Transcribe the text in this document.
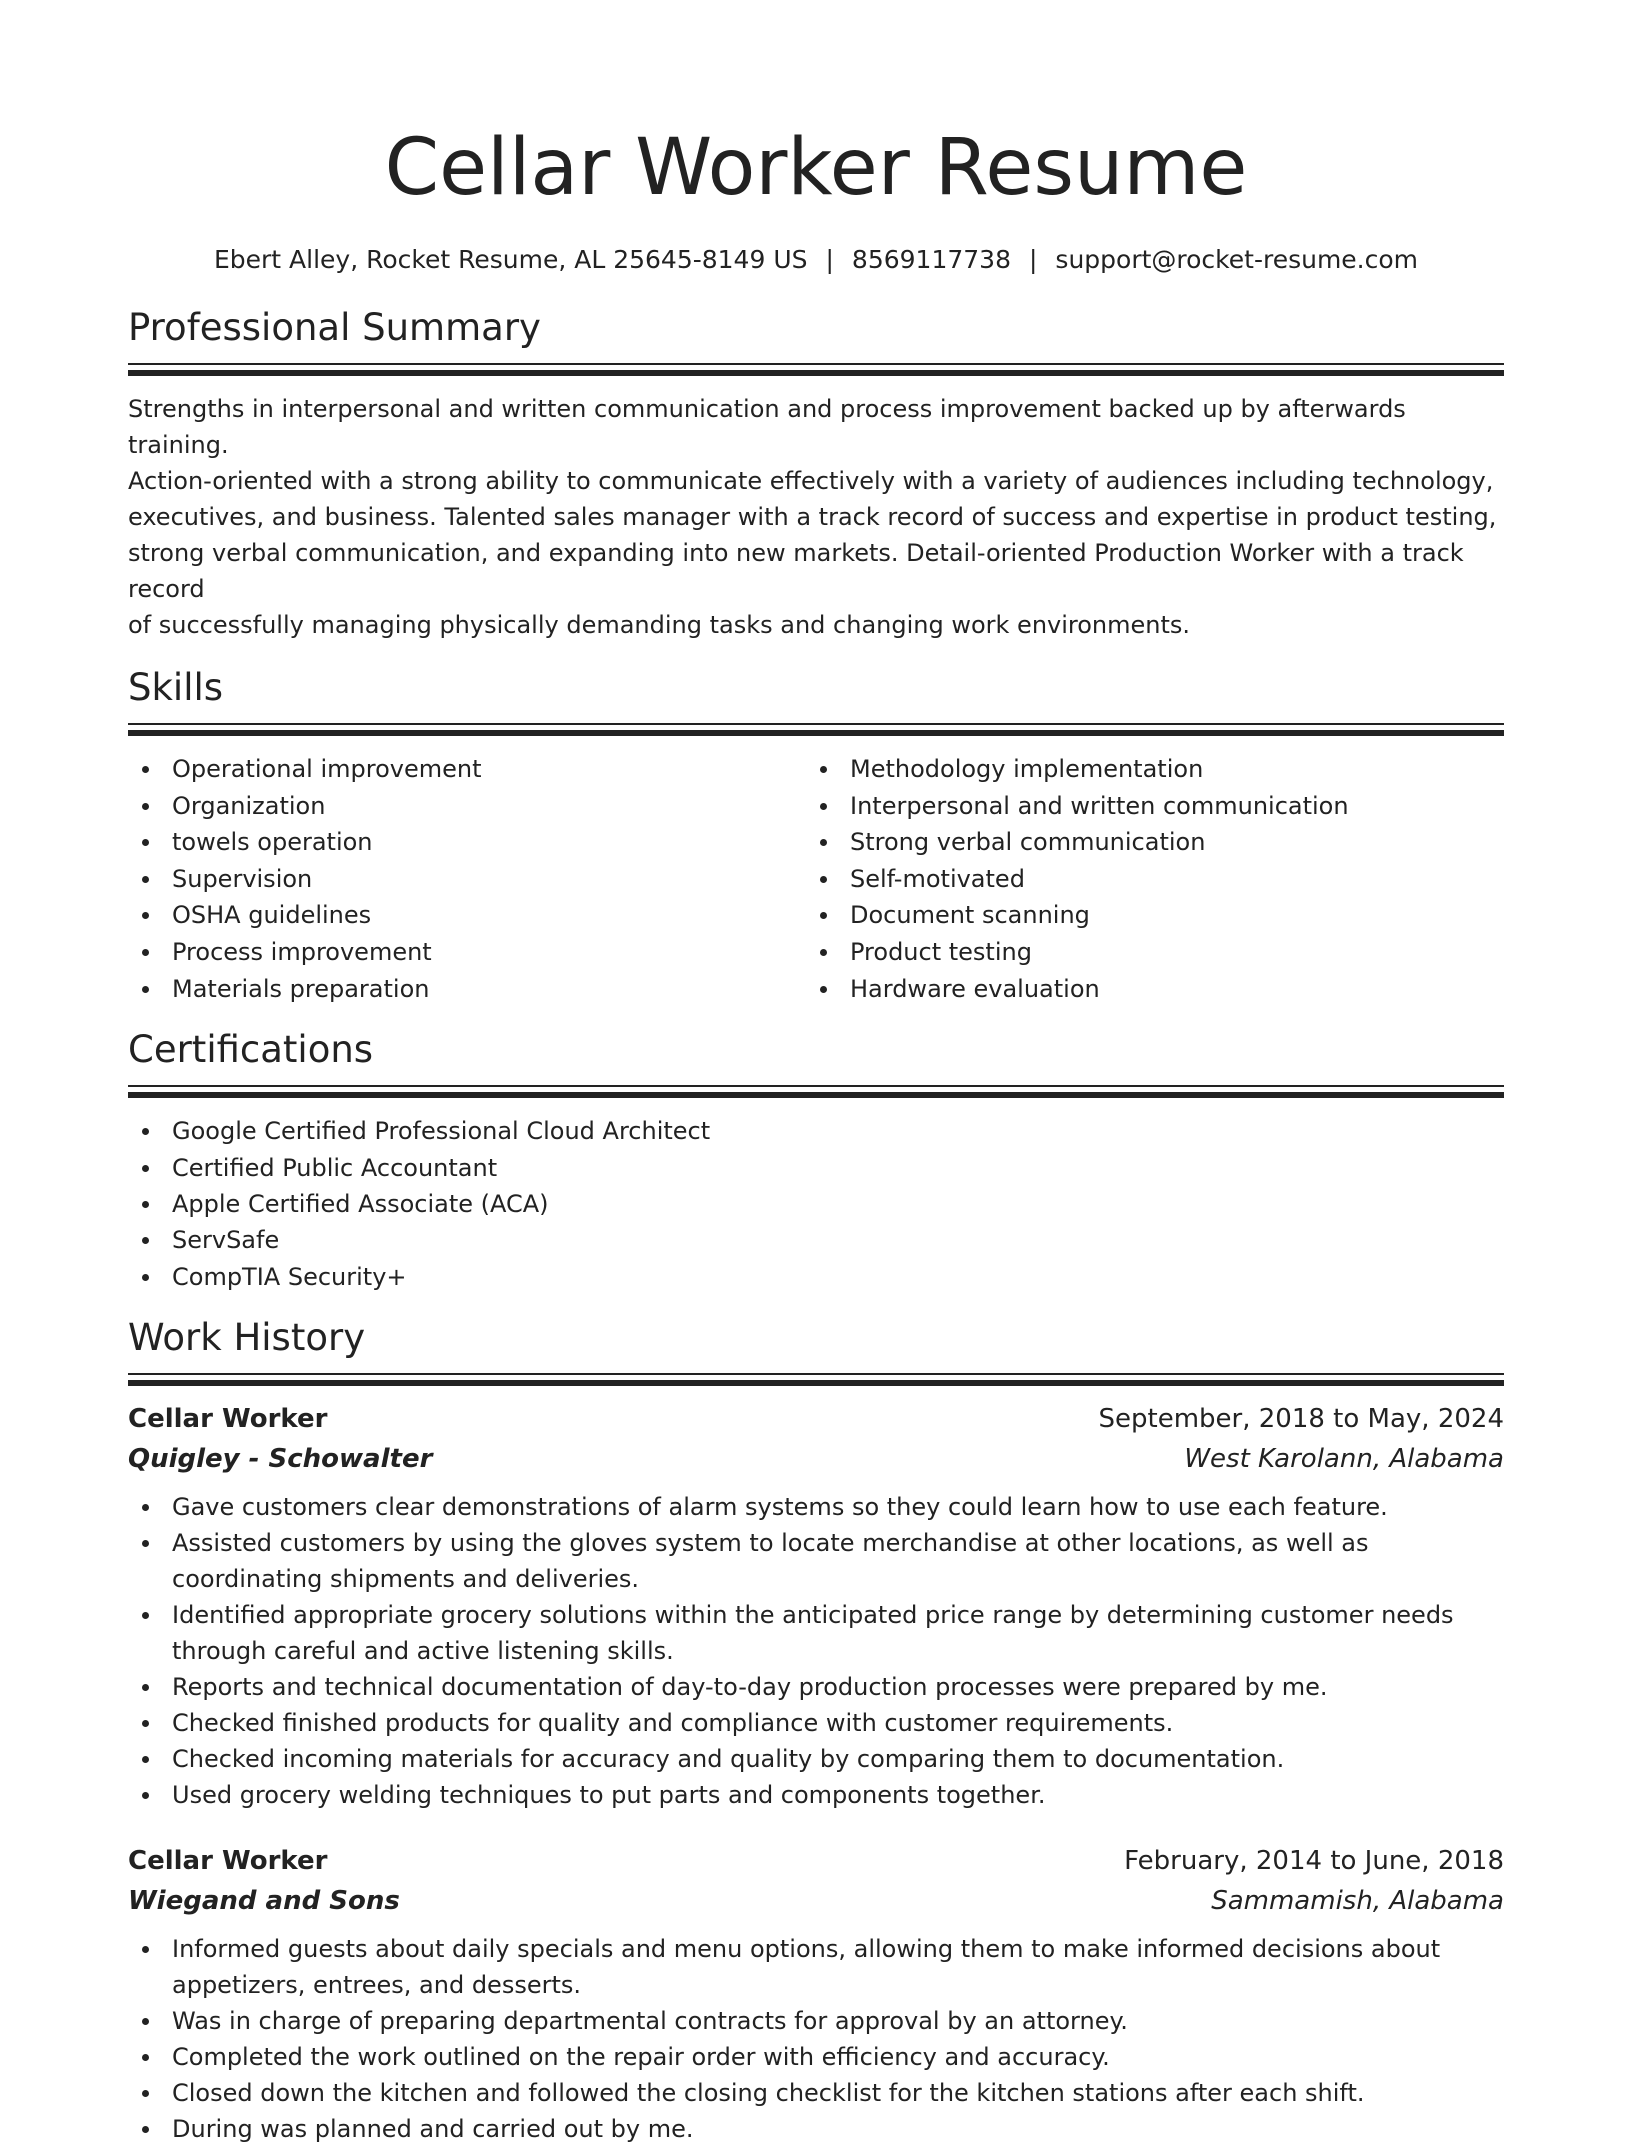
Cellar Worker Resume
Ebert Alley, Rocket Resume, AL 25645-8149 US | 8569117738 | support@rocket-resume.com
Professional Summary
Strengths in interpersonal and written communication and process improvement backed up by afterwards training.
Action-oriented with a strong ability to communicate effectively with a variety of audiences including technology,
executives, and business. Talented sales manager with a track record of success and expertise in product testing,
strong verbal communication, and expanding into new markets. Detail-oriented Production Worker with a track record
of successfully managing physically demanding tasks and changing work environments.
Skills
Operational improvement
Organization
towels operation
Supervision
OSHA guidelines
Process improvement
Materials preparation
Methodology implementation
Interpersonal and written communication
Strong verbal communication
Self-motivated
Document scanning
Product testing
Hardware evaluation
Certifications
Google Certified Professional Cloud Architect
Certified Public Accountant
Apple Certified Associate (ACA)
ServSafe
CompTIA Security+
Work History
Cellar Worker	September, 2018 to May, 2024
Quigley - Schowalter	West Karolann, Alabama
Gave customers clear demonstrations of alarm systems so they could learn how to use each feature.
Assisted customers by using the gloves system to locate merchandise at other locations, as well as coordinating shipments and deliveries.
Identified appropriate grocery solutions within the anticipated price range by determining customer needs through careful and active listening skills.
Reports and technical documentation of day-to-day production processes were prepared by me.
Checked finished products for quality and compliance with customer requirements.
Checked incoming materials for accuracy and quality by comparing them to documentation.
Used grocery welding techniques to put parts and components together.
Cellar Worker	February, 2014 to June, 2018
Wiegand and Sons	Sammamish, Alabama
Informed guests about daily specials and menu options, allowing them to make informed decisions about appetizers, entrees, and desserts.
Was in charge of preparing departmental contracts for approval by an attorney.
Completed the work outlined on the repair order with efficiency and accuracy.
Closed down the kitchen and followed the closing checklist for the kitchen stations after each shift.
During was planned and carried out by me.
